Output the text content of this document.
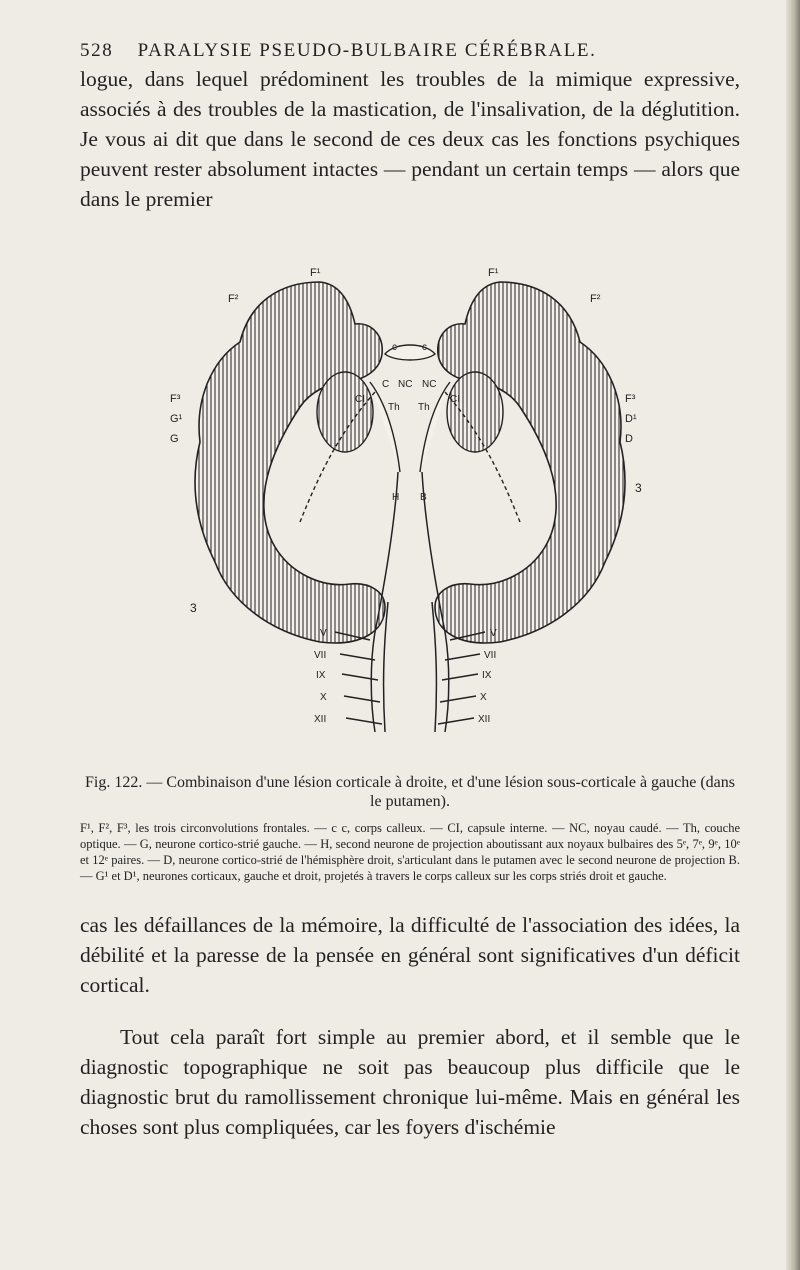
528 PARALYSIE PSEUDO-BULBAIRE CÉRÉBRALE.
logue, dans lequel prédominent les troubles de la mimique expressive, associés à des troubles de la mastication, de l'insalivation, de la déglutition. Je vous ai dit que dans le second de ces deux cas les fonctions psychiques peuvent rester absolument intactes — pendant un certain temps — alors que dans le premier
F¹	F¹
F²	F²
F³
G¹
G
F³
D¹
D
3
3
c	c
C NC NC
CI	CI
Th Th
H B
V
VII
IX
X
XII
V
VII
IX
X
XII
Fig. 122. — Combinaison d'une lésion corticale à droite, et d'une lésion sous-corticale à gauche (dans le putamen).
F¹, F², F³, les trois circonvolutions frontales. — c c, corps calleux. — CI, capsule interne. — NC, noyau caudé. — Th, couche optique. — G, neurone cortico-strié gauche. — H, second neurone de projection aboutissant aux noyaux bulbaires des 5ᵉ, 7ᵉ, 9ᵉ, 10ᵉ et 12ᵉ paires. — D, neurone cortico-strié de l'hémisphère droit, s'articulant dans le putamen avec le second neurone de projection B. — G¹ et D¹, neurones corticaux, gauche et droit, projetés à travers le corps calleux sur les corps striés droit et gauche.
cas les défaillances de la mémoire, la difficulté de l'association des idées, la débilité et la paresse de la pensée en général sont significatives d'un déficit cortical.
Tout cela paraît fort simple au premier abord, et il semble que le diagnostic topographique ne soit pas beaucoup plus difficile que le diagnostic brut du ramollissement chronique lui-même. Mais en général les choses sont plus compliquées, car les foyers d'ischémie
